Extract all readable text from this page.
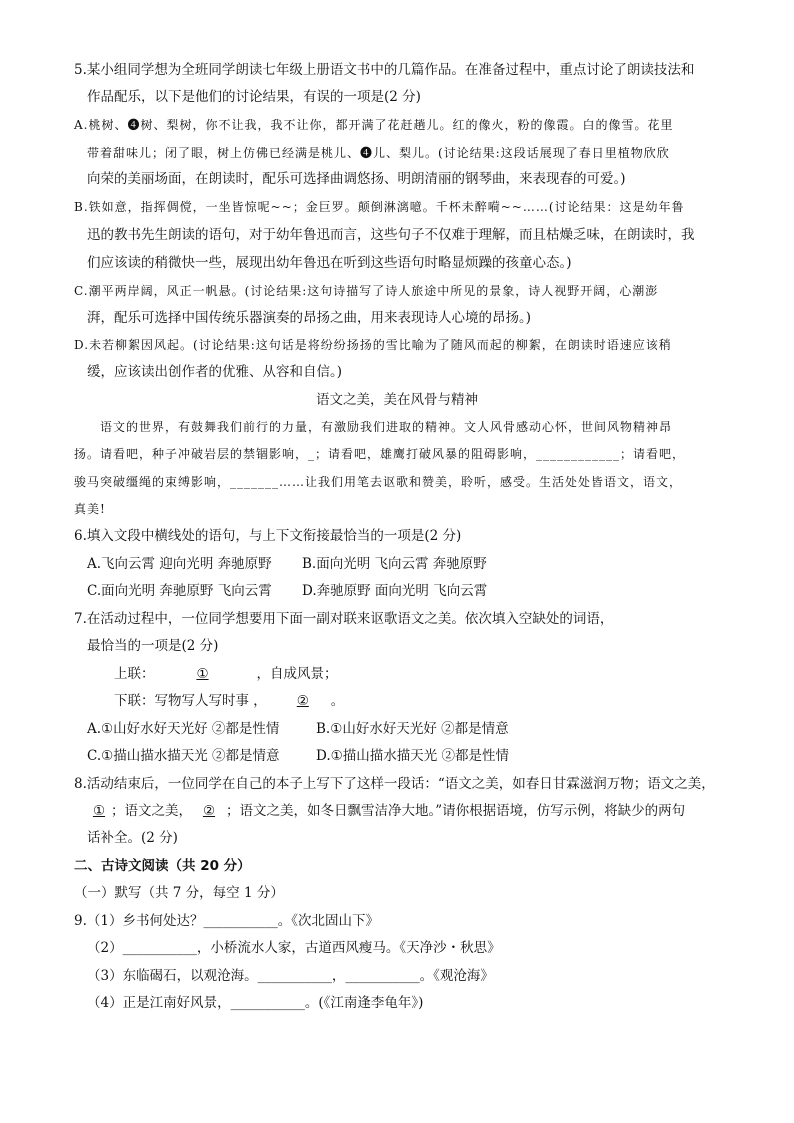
5.某小组同学想为全班同学朗读七年级上册语文书中的几篇作品。在准备过程中，重点讨论了朗读技法和
作品配乐，以下是他们的讨论结果，有误的一项是(2 分)
A.桃树、❹树、梨树，你不让我，我不让你，都开满了花赶趟儿。红的像火，粉的像霞。白的像雪。花里
带着甜味儿；闭了眼，树上仿佛已经满是桃儿、❹儿、梨儿。(讨论结果:这段话展现了春日里植物欣欣
向荣的美丽场面，在朗读时，配乐可选择曲调悠扬、明朗清丽的钢琴曲，来表现春的可爱。)
B.铁如意，指挥倜傥，一坐皆惊呢~~；金巨罗。颠倒淋漓噫。千杯未醉嗬~~……(讨论结果：这是幼年鲁
迅的教书先生朗读的语句，对于幼年鲁迅而言，这些句子不仅难于理解，而且枯燥乏味，在朗读时，我
们应该读的稍微快一些，展现出幼年鲁迅在听到这些语句时略显烦躁的孩童心态。)
C.潮平两岸阔，风正一帆悬。(讨论结果:这句诗描写了诗人旅途中所见的景象，诗人视野开阔，心潮澎
湃，配乐可选择中国传统乐器演奏的昂扬之曲，用来表现诗人心境的昂扬。)
D.未若柳絮因风起。(讨论结果:这句话是将纷纷扬扬的雪比喻为了随风而起的柳絮，在朗读时语速应该稍
缓，应该读出创作者的优雅、从容和自信。)
语文之美，美在风骨与精神
语文的世界，有鼓舞我们前行的力量，有激励我们进取的精神。文人风骨感动心怀，世间风物精神昂
扬。请看吧，种子冲破岩层的禁锢影响，_；请看吧，雄鹰打破风暴的阻碍影响，____________；请看吧，
骏马突破缰绳的束缚影响，_______……让我们用笔去讴歌和赞美，聆听，感受。生活处处皆语文，语文，
真美!
6.填入文段中横线处的语句，与上下文衔接最恰当的一项是(2 分)
A.飞向云霄 迎向光明 奔驰原野 B.面向光明 飞向云霄 奔驰原野
C.面向光明 奔驰原野 飞向云霄 D.奔驰原野 面向光明 飞向云霄
7.在活动过程中，一位同学想要用下面一副对联来讴歌语文之美。依次填入空缺处的词语，
最恰当的一项是(2 分)
上联：	①	，自成风景；
下联：写物写人写时事 ， ② 。
A.①山好水好天光好 ②都是性情	B.①山好水好天光好 ②都是情意
C.①描山描水描天光 ②都是情意	D.①描山描水描天光 ②都是性情
8.活动结束后，一位同学在自己的本子上写下了这样一段话：“语文之美，如春日甘霖滋润万物；语文之美，
① ；语文之美， ② ；语文之美，如冬日飘雪洁净大地。”请你根据语境，仿写示例，将缺少的两句
话补全。(2 分)
二、古诗文阅读（共 20 分）
（一）默写（共 7 分，每空 1 分）
9.（1）乡书何处达？___________。《次北固山下》
（2）___________，小桥流水人家，古道西风瘦马。《天净沙・秋思》
（3）东临碣石，以观沧海。___________，___________。《观沧海》
（4）正是江南好风景，___________。(《江南逢李龟年》)
